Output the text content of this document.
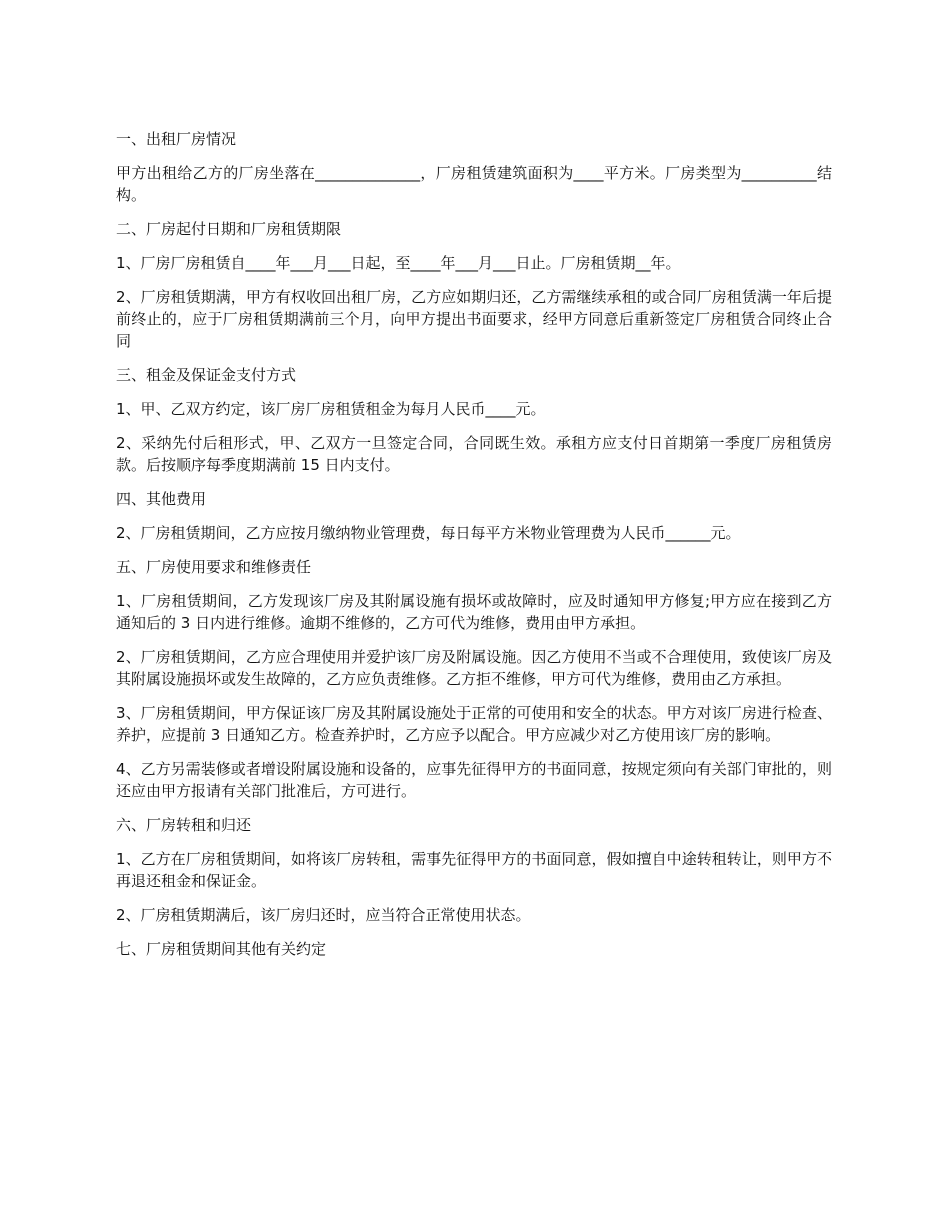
一、出租厂房情况

甲方出租给乙方的厂房坐落在______________，厂房租赁建筑面积为____平方米。厂房类型为__________结构。

二、厂房起付日期和厂房租赁期限

1、厂房厂房租赁自____年___月___日起，至____年___月___日止。厂房租赁期__年。

2、厂房租赁期满，甲方有权收回出租厂房，乙方应如期归还，乙方需继续承租的或合同厂房租赁满一年后提前终止的，应于厂房租赁期满前三个月，向甲方提出书面要求，经甲方同意后重新签定厂房租赁合同终止合同

三、租金及保证金支付方式

1、甲、乙双方约定，该厂房厂房租赁租金为每月人民币____元。

2、采纳先付后租形式，甲、乙双方一旦签定合同，合同既生效。承租方应支付日首期第一季度厂房租赁房款。后按顺序每季度期满前 15 日内支付。

四、其他费用

2、厂房租赁期间，乙方应按月缴纳物业管理费，每日每平方米物业管理费为人民币______元。

五、厂房使用要求和维修责任

1、厂房租赁期间，乙方发现该厂房及其附属设施有损坏或故障时，应及时通知甲方修复;甲方应在接到乙方通知后的 3 日内进行维修。逾期不维修的，乙方可代为维修，费用由甲方承担。

2、厂房租赁期间，乙方应合理使用并爱护该厂房及附属设施。因乙方使用不当或不合理使用，致使该厂房及其附属设施损坏或发生故障的，乙方应负责维修。乙方拒不维修，甲方可代为维修，费用由乙方承担。

3、厂房租赁期间，甲方保证该厂房及其附属设施处于正常的可使用和安全的状态。甲方对该厂房进行检查、养护，应提前 3 日通知乙方。检查养护时，乙方应予以配合。甲方应减少对乙方使用该厂房的影响。

4、乙方另需装修或者增设附属设施和设备的，应事先征得甲方的书面同意，按规定须向有关部门审批的，则还应由甲方报请有关部门批准后，方可进行。

六、厂房转租和归还

1、乙方在厂房租赁期间，如将该厂房转租，需事先征得甲方的书面同意，假如擅自中途转租转让，则甲方不再退还租金和保证金。

2、厂房租赁期满后，该厂房归还时，应当符合正常使用状态。

七、厂房租赁期间其他有关约定
